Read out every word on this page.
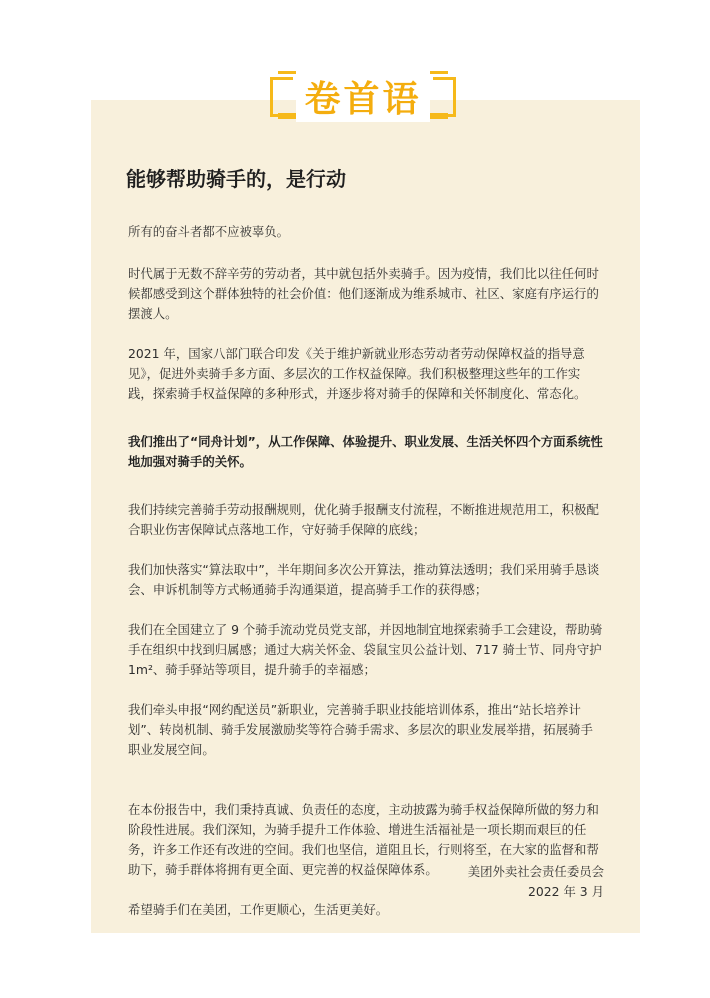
卷首语
能够帮助骑手的，是行动

所有的奋斗者都不应被辜负。

时代属于无数不辞辛劳的劳动者，其中就包括外卖骑手。因为疫情，我们比以往任何时候都感受到这个群体独特的社会价值：他们逐渐成为维系城市、社区、家庭有序运行的摆渡人。

2021 年，国家八部门联合印发《关于维护新就业形态劳动者劳动保障权益的指导意见》，促进外卖骑手多方面、多层次的工作权益保障。我们积极整理这些年的工作实践，探索骑手权益保障的多种形式，并逐步将对骑手的保障和关怀制度化、常态化。

我们推出了“同舟计划”，从工作保障、体验提升、职业发展、生活关怀四个方面系统性地加强对骑手的关怀。

我们持续完善骑手劳动报酬规则，优化骑手报酬支付流程，不断推进规范用工，积极配合职业伤害保障试点落地工作，守好骑手保障的底线；

我们加快落实“算法取中”，半年期间多次公开算法，推动算法透明；我们采用骑手恳谈会、申诉机制等方式畅通骑手沟通渠道，提高骑手工作的获得感；

我们在全国建立了 9 个骑手流动党员党支部，并因地制宜地探索骑手工会建设，帮助骑手在组织中找到归属感；通过大病关怀金、袋鼠宝贝公益计划、717 骑士节、同舟守护 1m²、骑手驿站等项目，提升骑手的幸福感；

我们牵头申报“网约配送员”新职业，完善骑手职业技能培训体系，推出“站长培养计划”、转岗机制、骑手发展激励奖等符合骑手需求、多层次的职业发展举措，拓展骑手职业发展空间。

在本份报告中，我们秉持真诚、负责任的态度，主动披露为骑手权益保障所做的努力和阶段性进展。我们深知，为骑手提升工作体验、增进生活福祉是一项长期而艰巨的任务，许多工作还有改进的空间。我们也坚信，道阻且长，行则将至，在大家的监督和帮助下，骑手群体将拥有更全面、更完善的权益保障体系。

希望骑手们在美团，工作更顺心，生活更美好。

美团外卖社会责任委员会
2022 年 3 月
